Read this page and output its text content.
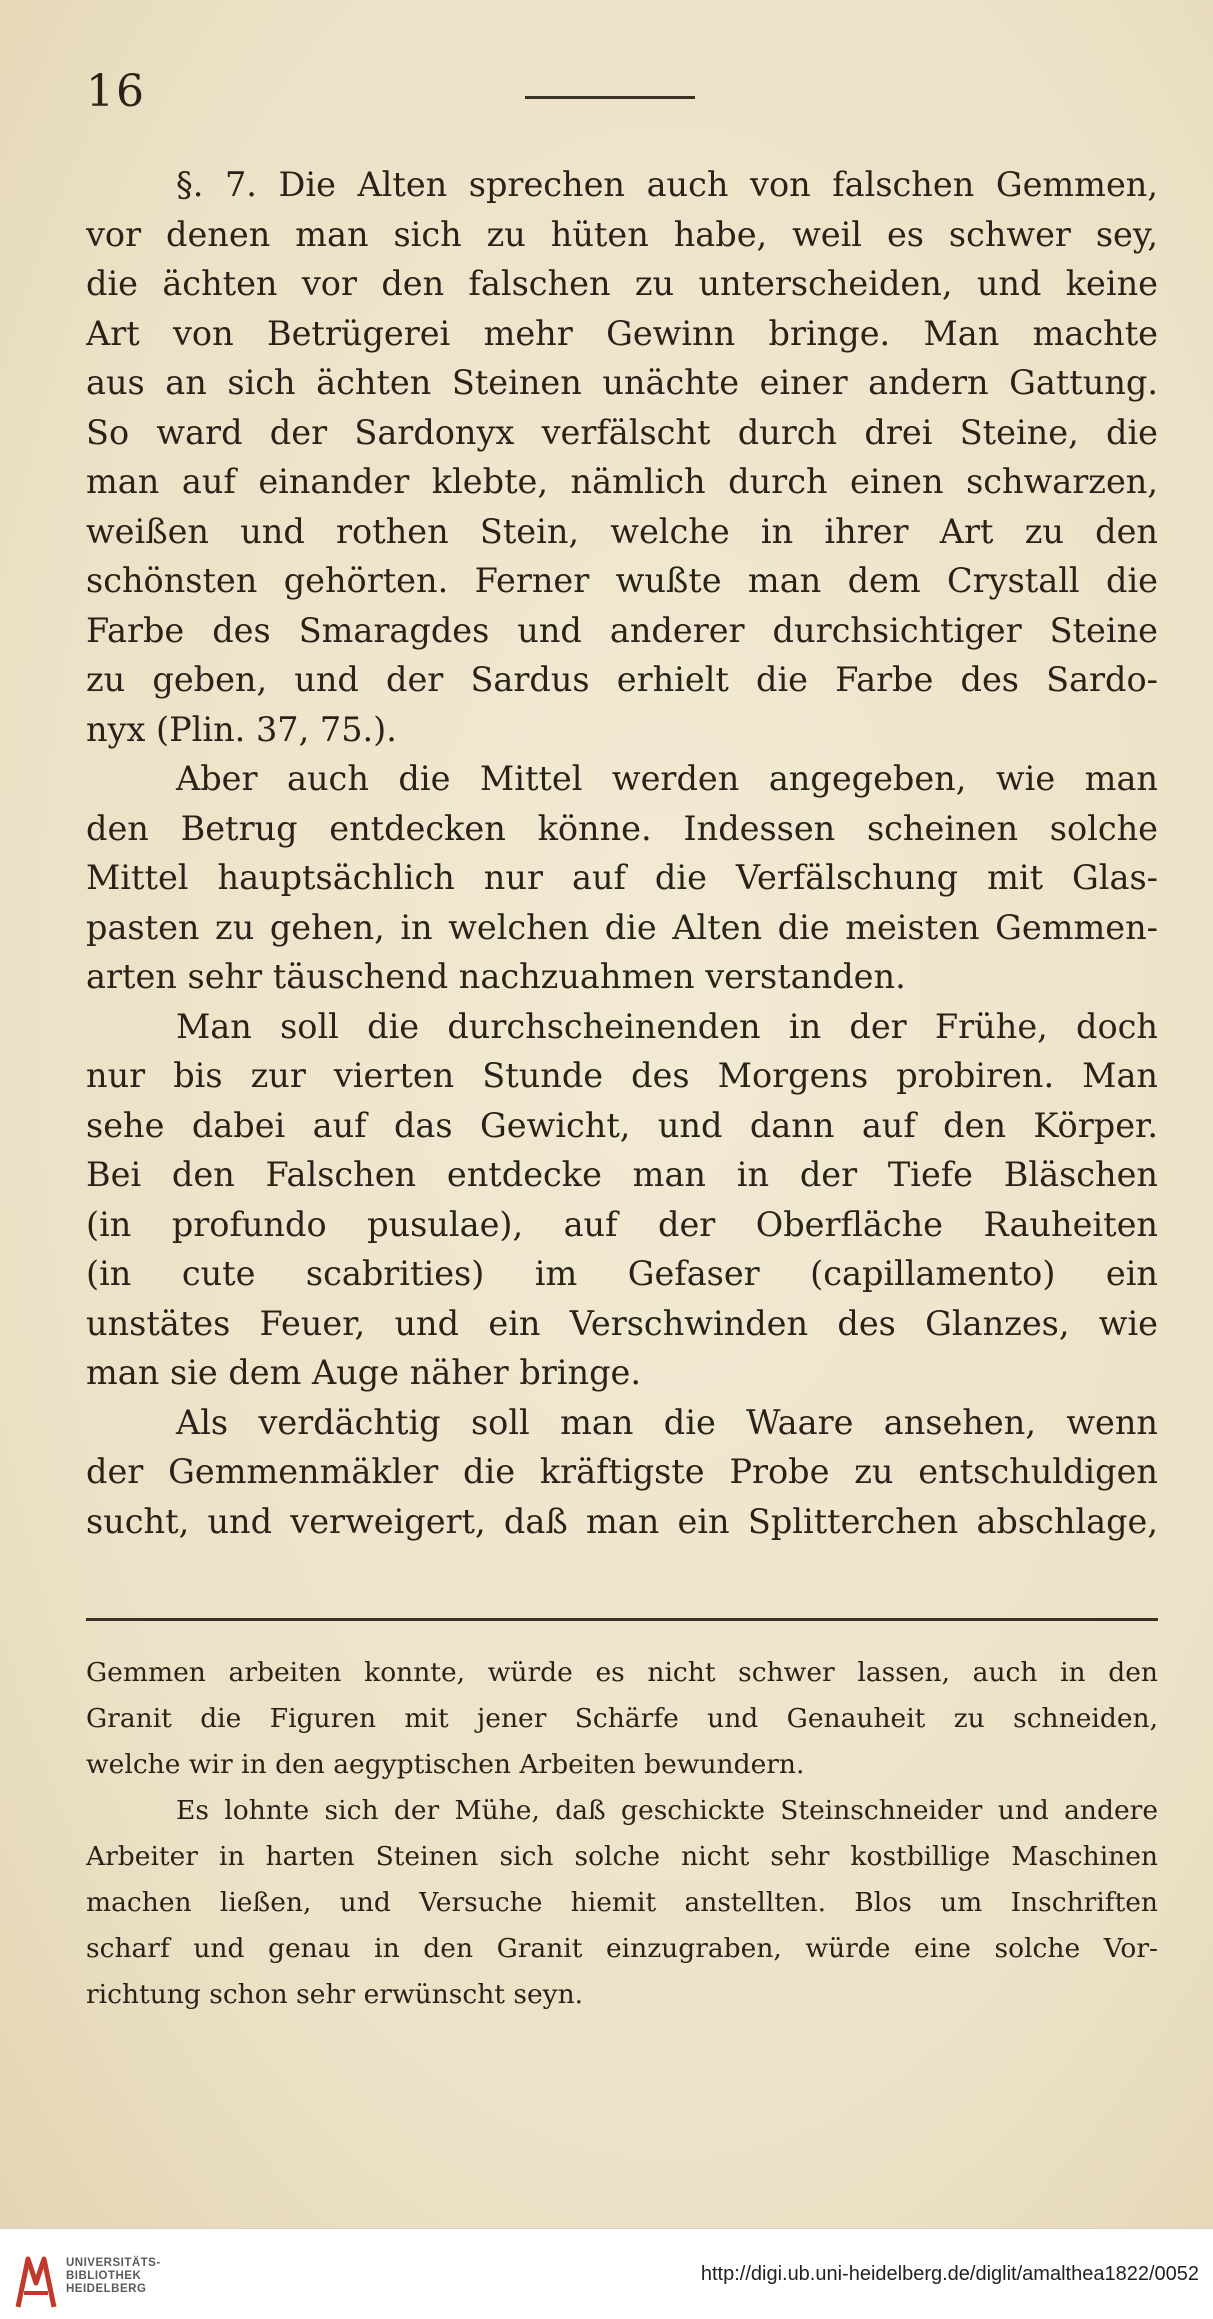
16
§. 7. Die Alten sprechen auch von falschen Gemmen,
vor denen man sich zu hüten habe, weil es schwer sey,
die ächten vor den falschen zu unterscheiden, und keine
Art von Betrügerei mehr Gewinn bringe. Man machte
aus an sich ächten Steinen unächte einer andern Gattung.
So ward der Sardonyx verfälscht durch drei Steine, die
man auf einander klebte, nämlich durch einen schwarzen,
weißen und rothen Stein, welche in ihrer Art zu den
schönsten gehörten. Ferner wußte man dem Crystall die
Farbe des Smaragdes und anderer durchsichtiger Steine
zu geben, und der Sardus erhielt die Farbe des Sardo-
nyx (Plin. 37, 75.).
Aber auch die Mittel werden angegeben, wie man
den Betrug entdecken könne. Indessen scheinen solche
Mittel hauptsächlich nur auf die Verfälschung mit Glas-
pasten zu gehen, in welchen die Alten die meisten Gemmen-
arten sehr täuschend nachzuahmen verstanden.
Man soll die durchscheinenden in der Frühe, doch
nur bis zur vierten Stunde des Morgens probiren. Man
sehe dabei auf das Gewicht, und dann auf den Körper.
Bei den Falschen entdecke man in der Tiefe Bläschen
(in profundo pusulae), auf der Oberfläche Rauheiten
(in cute scabrities) im Gefaser (capillamento) ein
unstätes Feuer, und ein Verschwinden des Glanzes, wie
man sie dem Auge näher bringe.
Als verdächtig soll man die Waare ansehen, wenn
der Gemmenmäkler die kräftigste Probe zu entschuldigen
sucht, und verweigert, daß man ein Splitterchen abschlage,
Gemmen arbeiten konnte, würde es nicht schwer lassen, auch in den
Granit die Figuren mit jener Schärfe und Genauheit zu schneiden,
welche wir in den aegyptischen Arbeiten bewundern.
Es lohnte sich der Mühe, daß geschickte Steinschneider und andere
Arbeiter in harten Steinen sich solche nicht sehr kostbillige Maschinen
machen ließen, und Versuche hiemit anstellten. Blos um Inschriften
scharf und genau in den Granit einzugraben, würde eine solche Vor-
richtung schon sehr erwünscht seyn.
UNIVERSITÄTS-
BIBLIOTHEK
HEIDELBERG
http://digi.ub.uni-heidelberg.de/diglit/amalthea1822/0052
